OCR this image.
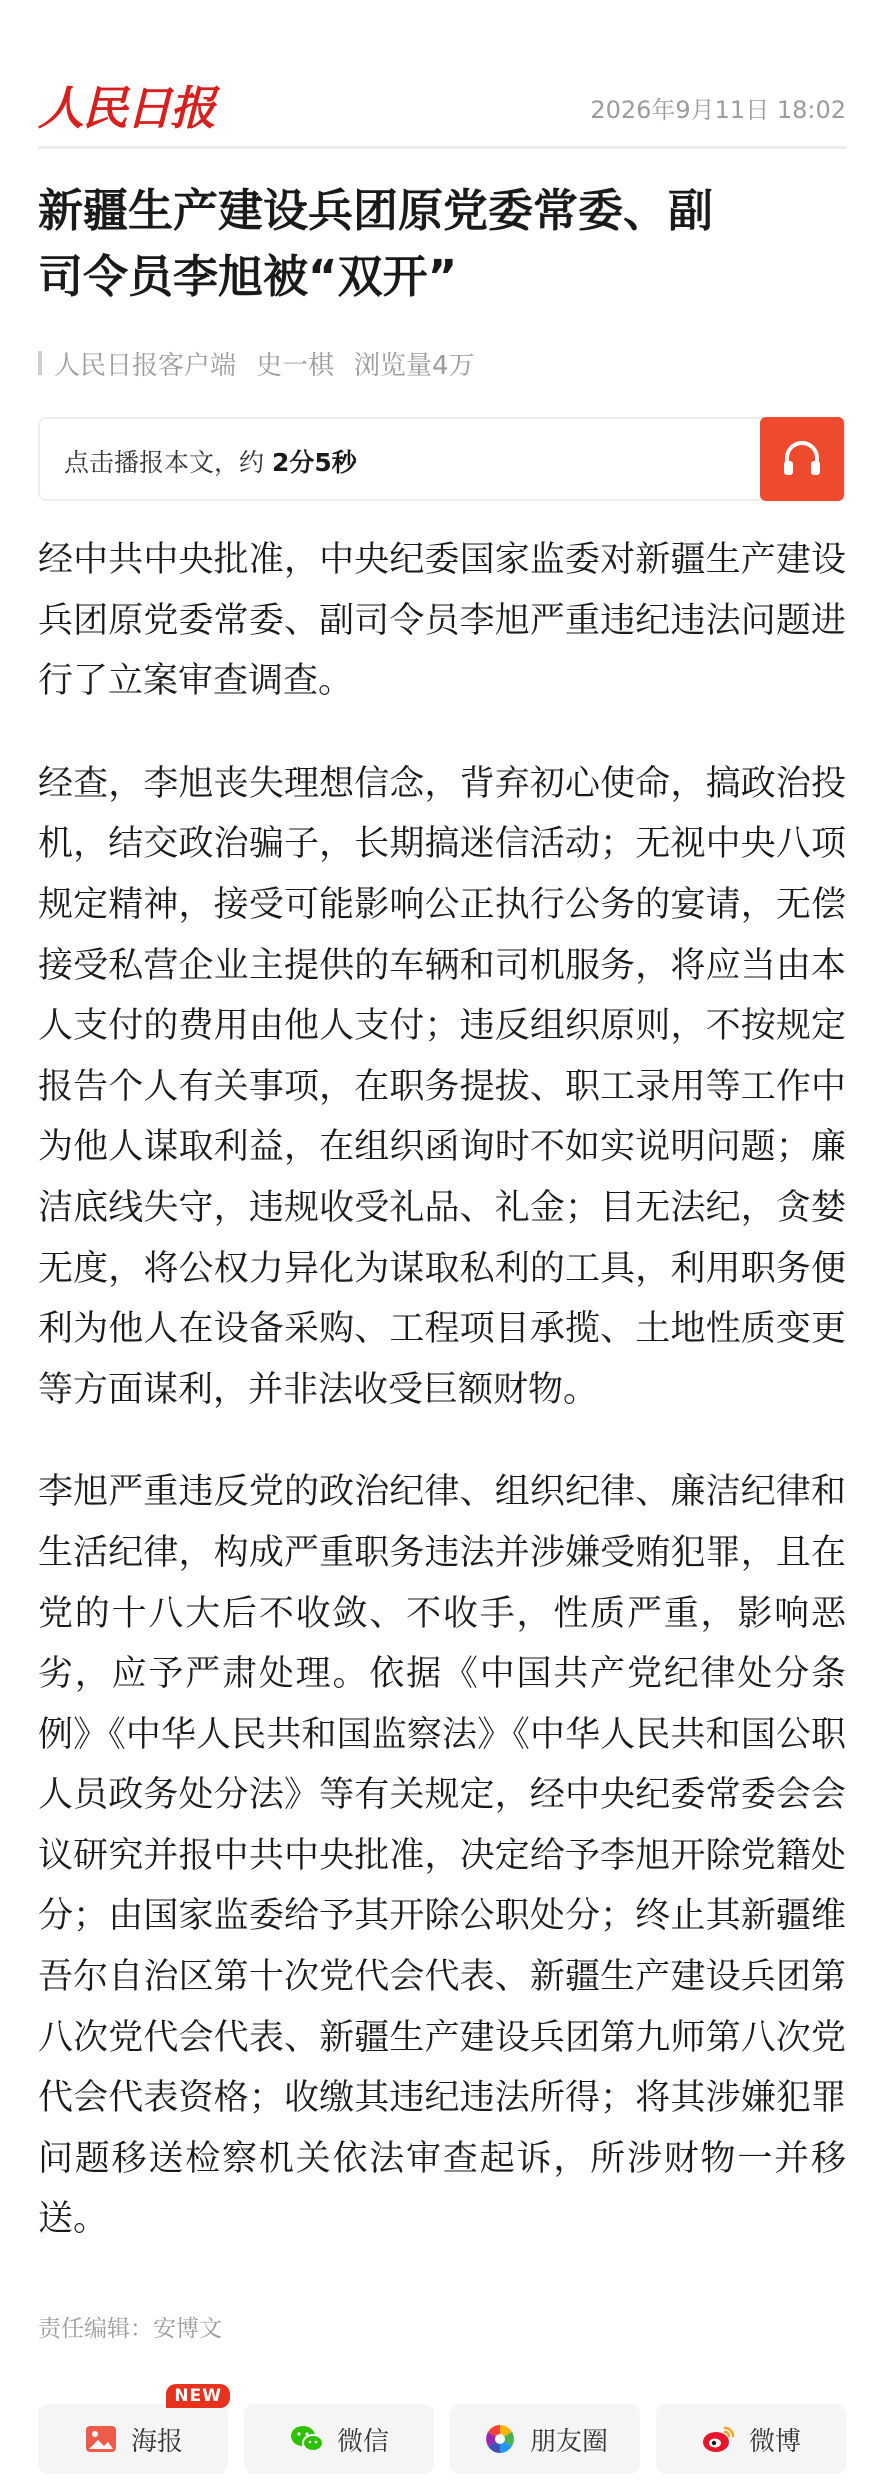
人民日报	2026年9月11日 18:02
新疆生产建设兵团原党委常委、副
司令员李旭被“双开”
人民日报客户端 史一棋 浏览量4万
点击播报本文，约 2分5秒

经中共中央批准，中央纪委国家监委对新疆生产建设兵团原党委常委、副司令员李旭严重违纪违法问题进行了立案审查调查。

经查，李旭丧失理想信念，背弃初心使命，搞政治投机，结交政治骗子，长期搞迷信活动；无视中央八项规定精神，接受可能影响公正执行公务的宴请，无偿接受私营企业主提供的车辆和司机服务，将应当由本人支付的费用由他人支付；违反组织原则，不按规定报告个人有关事项，在职务提拔、职工录用等工作中为他人谋取利益，在组织函询时不如实说明问题；廉洁底线失守，违规收受礼品、礼金；目无法纪，贪婪无度，将公权力异化为谋取私利的工具，利用职务便利为他人在设备采购、工程项目承揽、土地性质变更等方面谋利，并非法收受巨额财物。

李旭严重违反党的政治纪律、组织纪律、廉洁纪律和生活纪律，构成严重职务违法并涉嫌受贿犯罪，且在党的十八大后不收敛、不收手，性质严重，影响恶劣，应予严肃处理。依据《中国共产党纪律处分条例》《中华人民共和国监察法》《中华人民共和国公职人员政务处分法》等有关规定，经中央纪委常委会会议研究并报中共中央批准，决定给予李旭开除党籍处分；由国家监委给予其开除公职处分；终止其新疆维吾尔自治区第十次党代会代表、新疆生产建设兵团第八次党代会代表、新疆生产建设兵团第九师第八次党代会代表资格；收缴其违纪违法所得；将其涉嫌犯罪问题移送检察机关依法审查起诉，所涉财物一并移送。

责任编辑：安博文
海报
NEW
微信	朋友圈	微博
